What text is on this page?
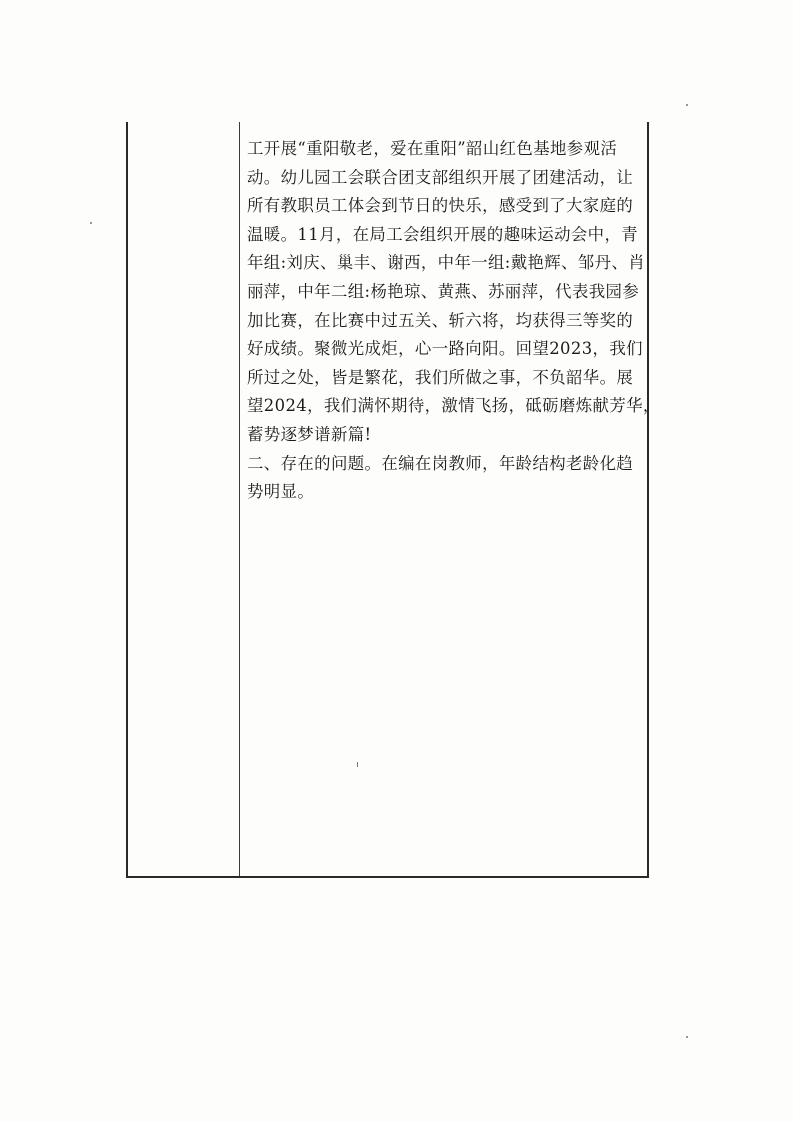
工开展“重阳敬老，爱在重阳”韶山红色基地参观活
动。幼儿园工会联合团支部组织开展了团建活动，让
所有教职员工体会到节日的快乐，感受到了大家庭的
温暖。11月，在局工会组织开展的趣味运动会中，青
年组:刘庆、巢丰、谢西，中年一组:戴艳辉、邹丹、肖
丽萍，中年二组:杨艳琼、黄燕、苏丽萍，代表我园参
加比赛，在比赛中过五关、斩六将，均获得三等奖的
好成绩。聚微光成炬，心一路向阳。回望2023，我们
所过之处，皆是繁花，我们所做之事，不负韶华。展
望2024，我们满怀期待，激情飞扬，砥砺磨炼献芳华，
蓄势逐梦谱新篇!
二、存在的问题。在编在岗教师，年龄结构老龄化趋
势明显。
